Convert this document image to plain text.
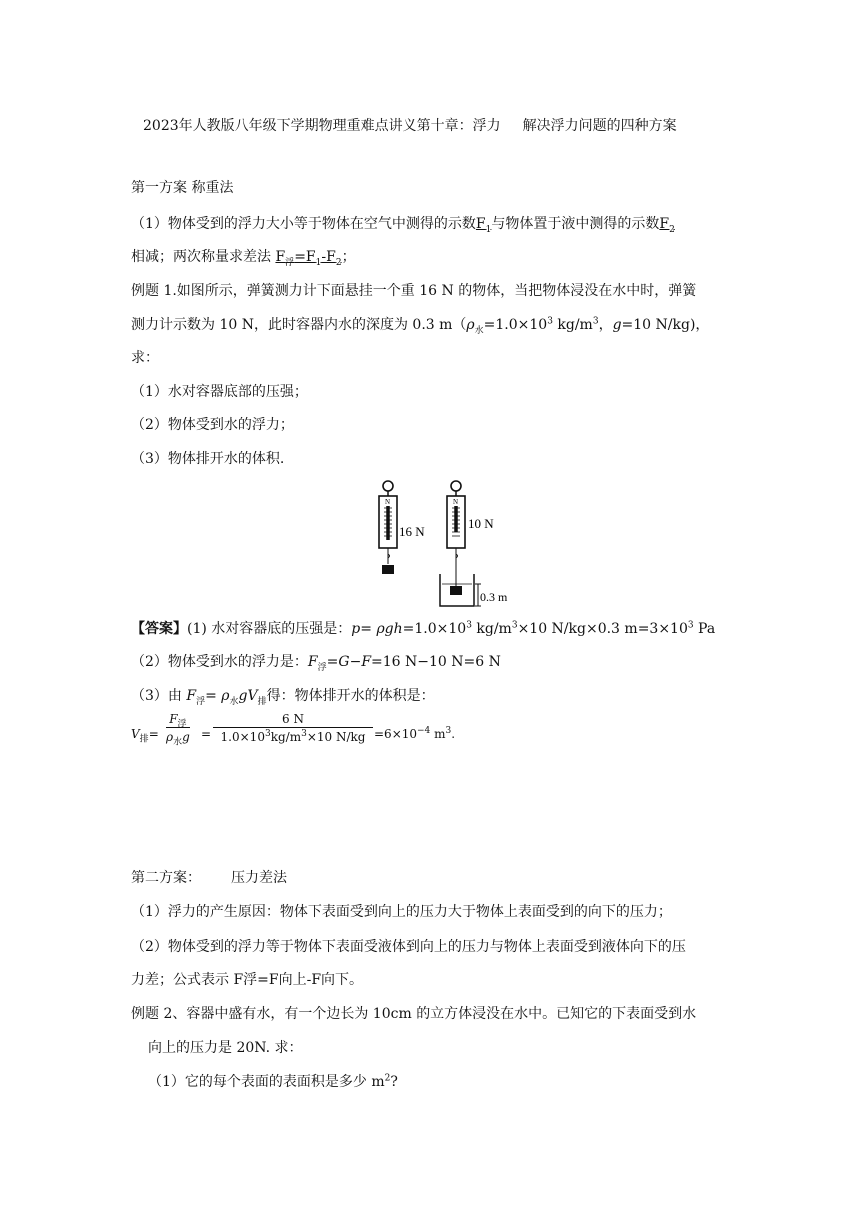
2023年人教版八年级下学期物理重难点讲义第十章：浮力 解决浮力问题的四种方案
第一方案 称重法
（1）物体受到的浮力大小等于物体在空气中测得的示数$F_1$与物体置于液中测得的示数$F_2$
相减；两次称量求差法 $F_浮=F_1-F_2$；
例题 1.如图所示，弹簧测力计下面悬挂一个重 16 N 的物体，当把物体浸没在水中时，弹簧
测力计示数为 10 N，此时容器内水的深度为 0.3 $m(\rho_水=1.0\times 10^3$ $kg/m^3$，g=10 N/kg)，
求：
（1）水对容器底部的压强；
（2）物体受到水的浮力；
（3）物体排开水的体积.
N
16 N
N
10 N
0.3 m
【答案】(1) 水对容器底的压强是：$p= \rho gh=1.0\times 10^3$ $kg/m^3\times 10$ N/kg×0.3 $m=3\times 10^3$ Pa
（2）物体受到水的浮力是：$F_浮=G-F=16$ N−10 N=6 N
（3）由 $F_浮= \rho_水gV_排$得：物体排开水的体积是：
$V_排=$
$F_浮$
$\rho_水g = \frac{6 N}{1.0\times 10^3kg/m^3\times 10 N/kg} =6\times 10^{-4}$ $m^3$.
第二方案： 压力差法
（1）浮力的产生原因：物体下表面受到向上的压力大于物体上表面受到的向下的压力；
（2）物体受到的浮力等于物体下表面受液体到向上的压力与物体上表面受到液体向下的压
力差；公式表示 F浮=F向上-F向下。
例题 2、容器中盛有水，有一个边长为 10cm 的立方体浸没在水中。已知它的下表面受到水
向上的压力是 20N. 求：
（1）它的每个表面的表面积是多少 $m^2$?
